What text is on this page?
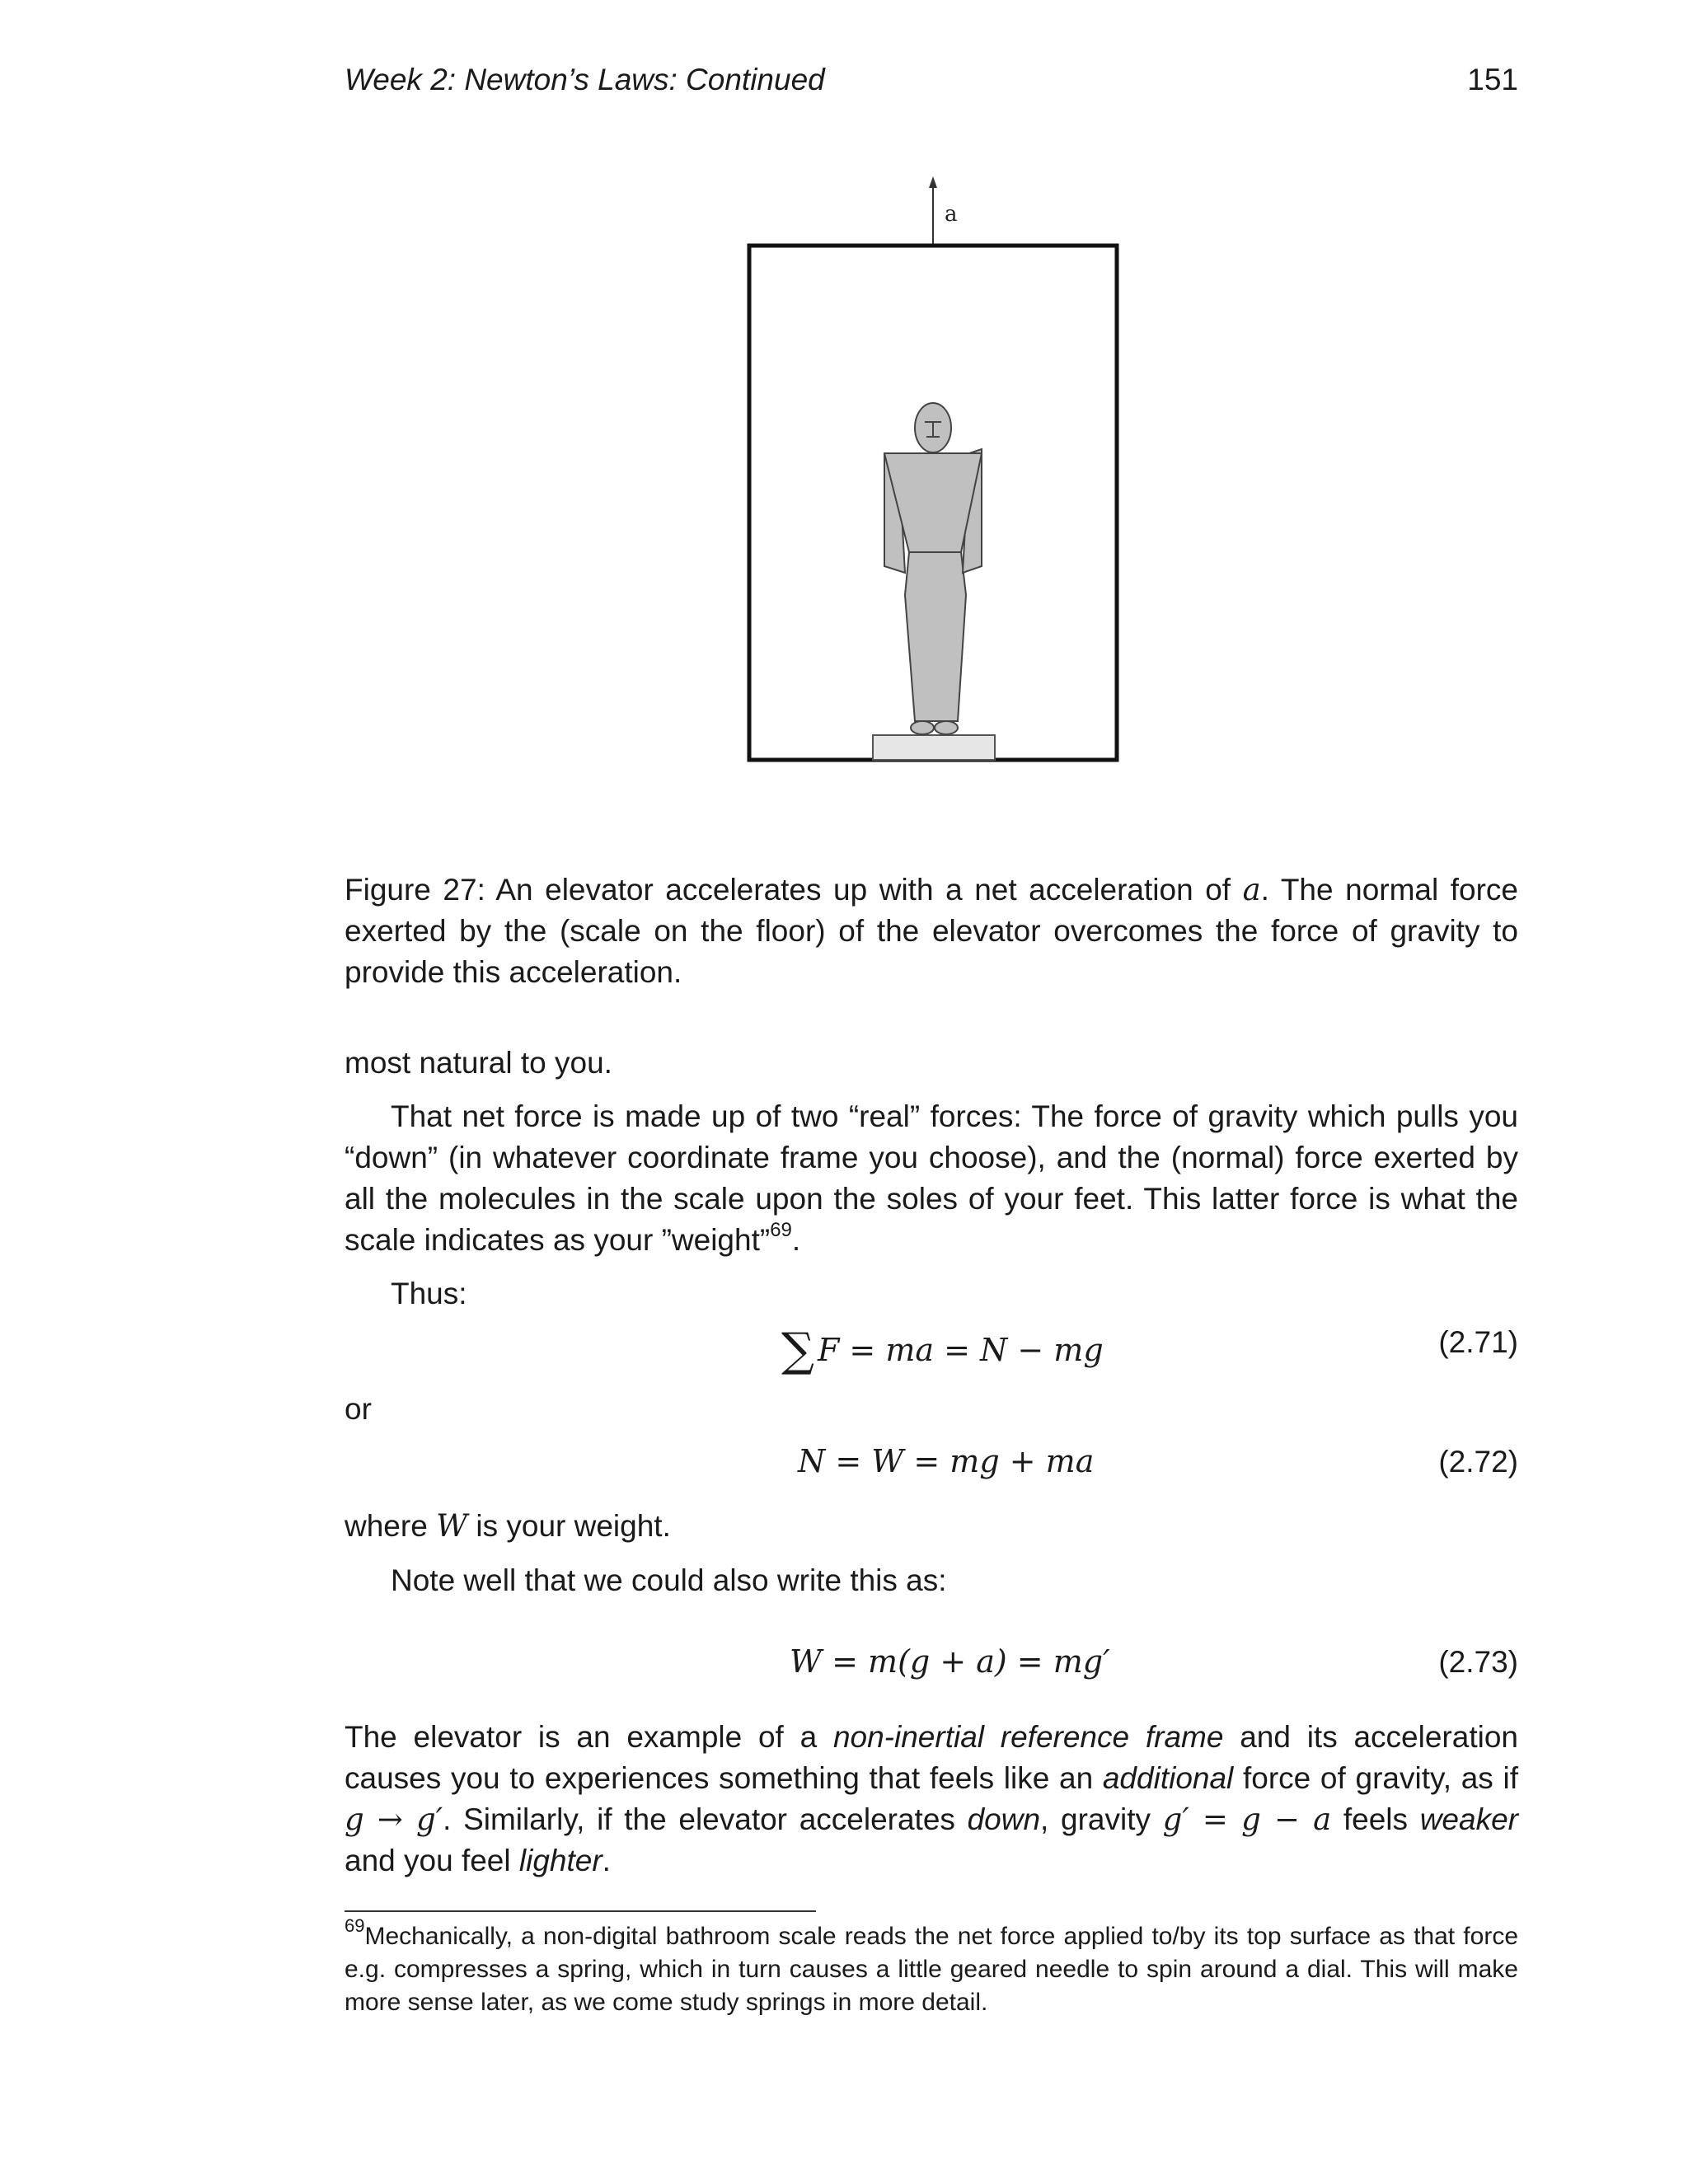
Week 2: Newton’s Laws: Continued	151
a
Figure 27: An elevator accelerates up with a net acceleration of a. The normal force exerted by the (scale on the floor) of the elevator overcomes the force of gravity to provide this acceleration.
most natural to you.
That net force is made up of two “real” forces: The force of gravity which pulls you “down” (in whatever coordinate frame you choose), and the (normal) force exerted by all the molecules in the scale upon the soles of your feet. This latter force is what the scale indicates as your ”weight”$^{69}$.
Thus:
∑ F = ma = N − mg	(2.71)
or
N = W = mg + ma	(2.72)
where W is your weight.
Note well that we could also write this as:
W = m(g + a) = mg′	(2.73)
The elevator is an example of a non-inertial reference frame and its acceleration causes you to experiences something that feels like an additional force of gravity, as if g → g′. Similarly, if the elevator accelerates down, gravity g′ = g − a feels weaker and you feel lighter.
$^{69}$Mechanically, a non-digital bathroom scale reads the net force applied to/by its top surface as that force e.g. compresses a spring, which in turn causes a little geared needle to spin around a dial. This will make more sense later, as we come study springs in more detail.
